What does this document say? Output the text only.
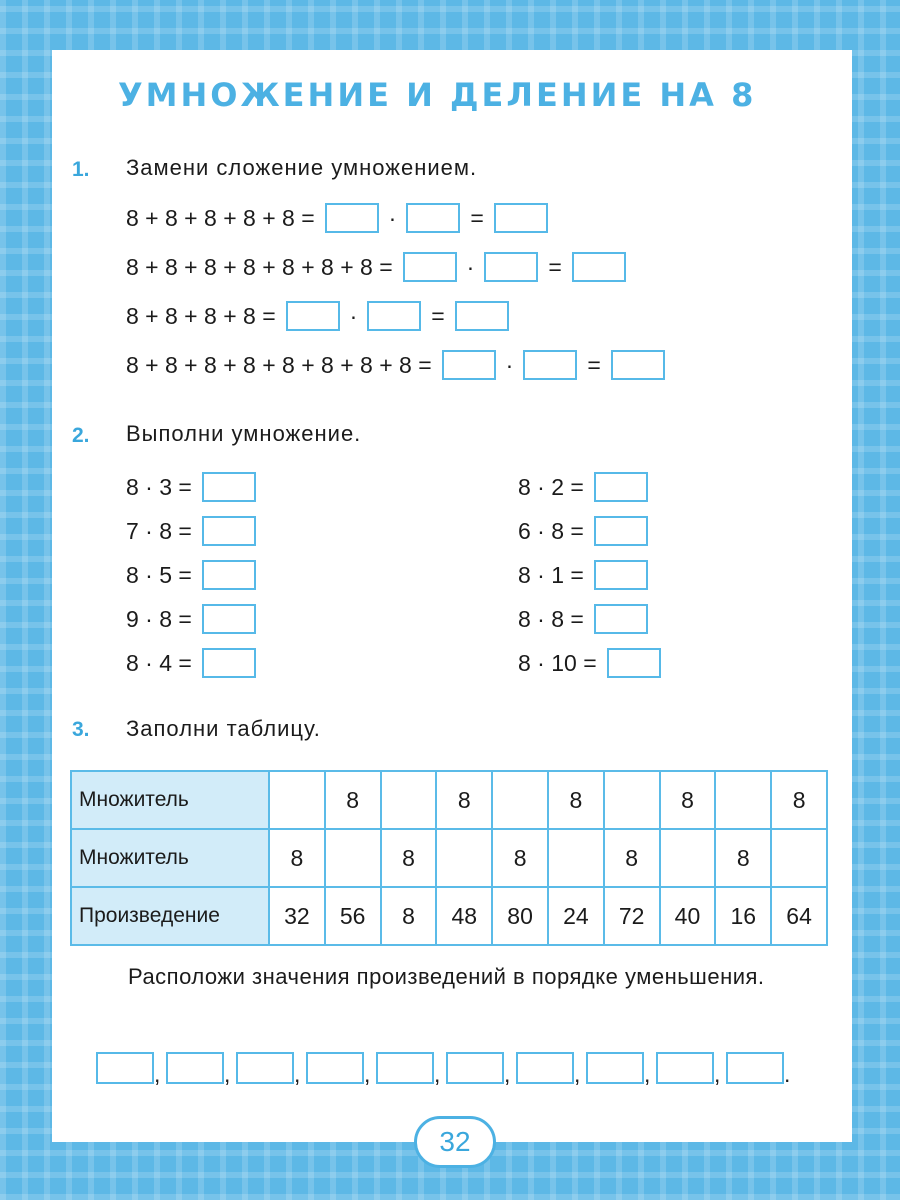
УМНОЖЕНИЕ И ДЕЛЕНИЕ НА 8
1. Замени сложение умножением.
8 + 8 + 8 + 8 + 8 =	·	=
8 + 8 + 8 + 8 + 8 + 8 + 8 =	·	=
8 + 8 + 8 + 8 =	·	=
8 + 8 + 8 + 8 + 8 + 8 + 8 + 8 =	·	=
2. Выполни умножение.
8 · 3 =
7 · 8 =
8 · 5 =
9 · 8 =
8 · 4 =
8 · 2 =
6 · 8 =
8 · 1 =
8 · 8 =
8 · 10 =
3. Заполни таблицу.
Множитель		8		8		8		8		8
Множитель	8		8		8		8		8	
Произведение	32	56	8	48	80	24	72	40	16	64
Расположи значения произведений в порядке уменьшения.
,	,	,	,	,	,	,	,	,	.
32
